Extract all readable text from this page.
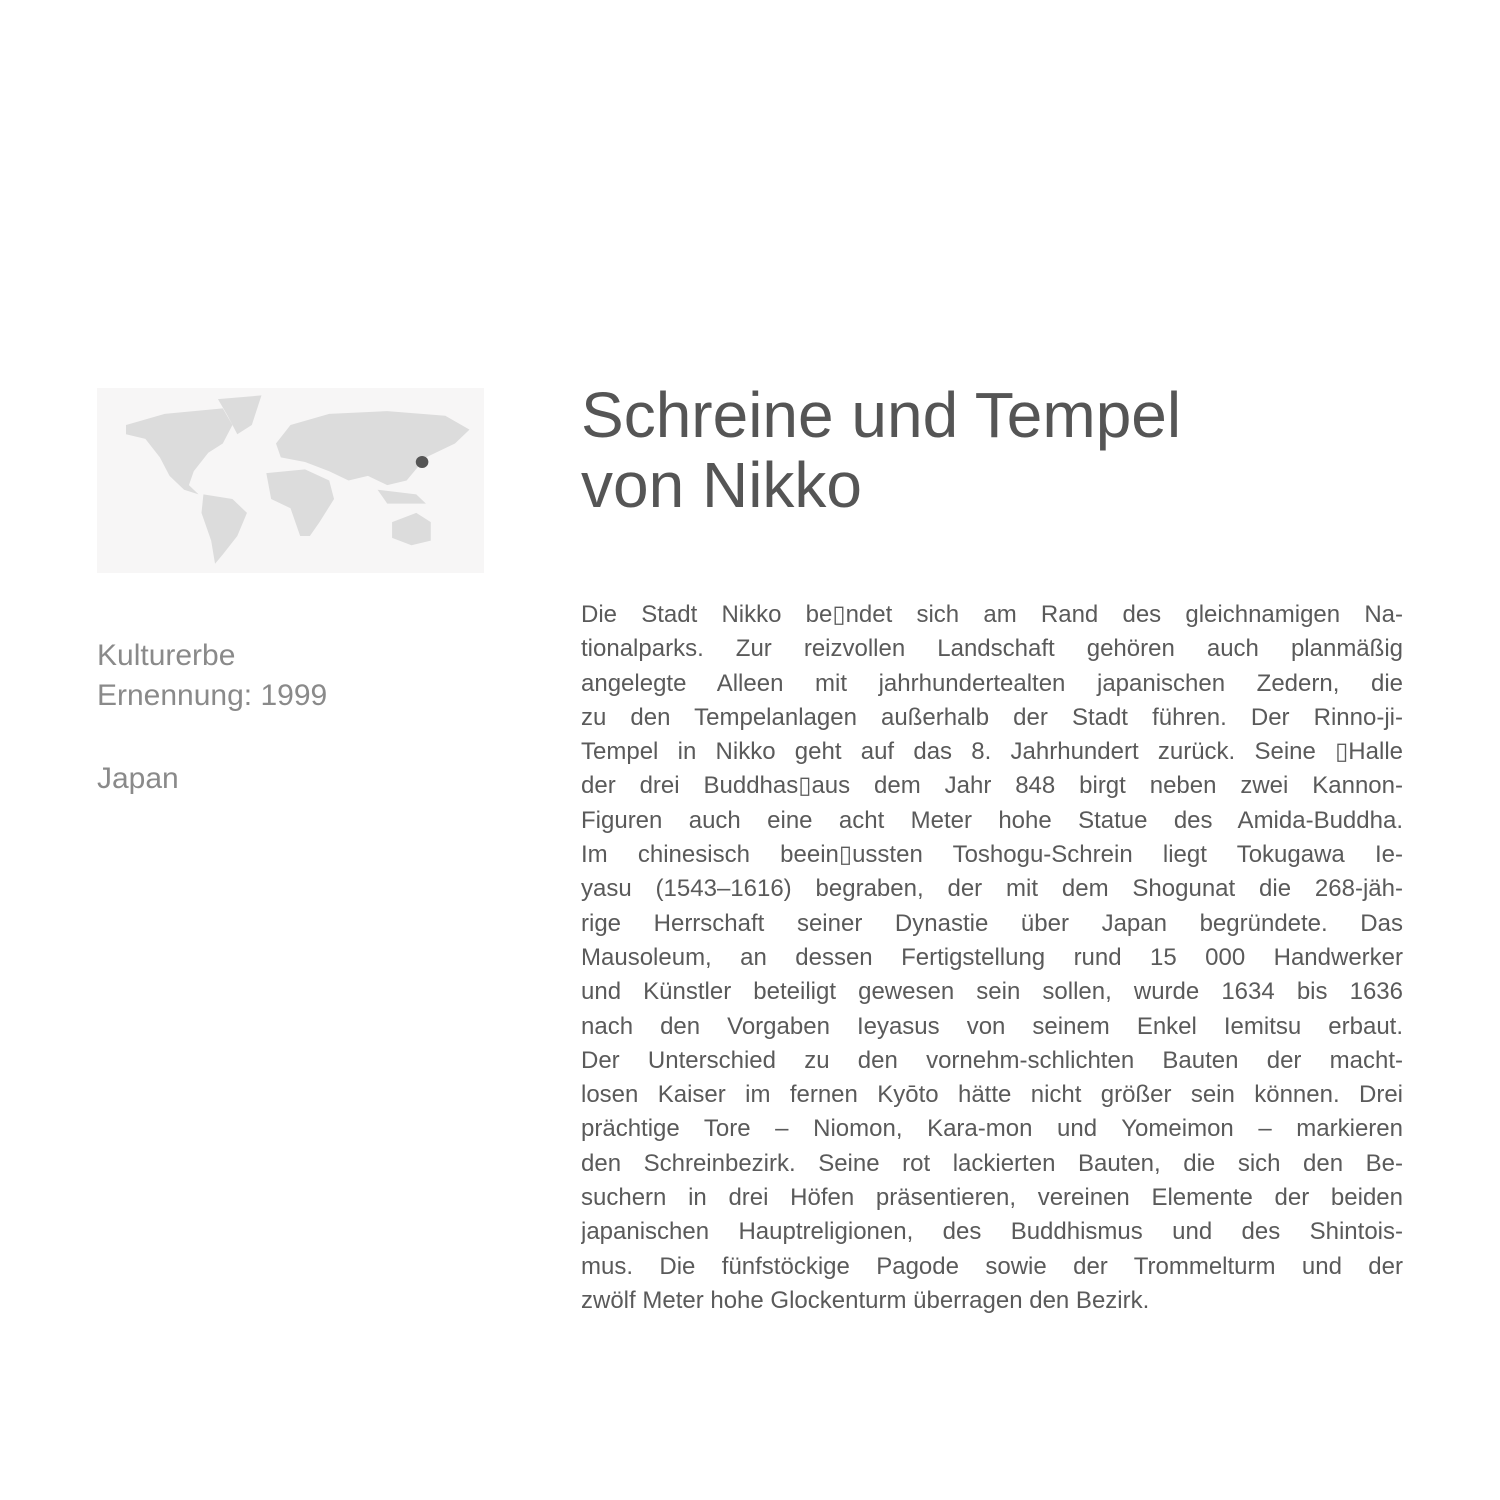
Kulturerbe
Ernennung: 1999
Japan
Schreine und Tempel
von Nikko
Die Stadt Nikko be▯ndet sich am Rand des gleichnamigen Na-
tionalparks. Zur reizvollen Landschaft gehören auch planmäßig
angelegte Alleen mit jahrhundertealten japanischen Zedern, die
zu den Tempelanlagen außerhalb der Stadt führen. Der Rinno-ji-
Tempel in Nikko geht auf das 8. Jahrhundert zurück. Seine ▯Halle
der drei Buddhas▯aus dem Jahr 848 birgt neben zwei Kannon-
Figuren auch eine acht Meter hohe Statue des Amida-Buddha.
Im chinesisch beein▯ussten Toshogu-Schrein liegt Tokugawa Ie-
yasu (1543–1616) begraben, der mit dem Shogunat die 268-jäh-
rige Herrschaft seiner Dynastie über Japan begründete. Das
Mausoleum, an dessen Fertigstellung rund 15 000 Handwerker
und Künstler beteiligt gewesen sein sollen, wurde 1634 bis 1636
nach den Vorgaben Ieyasus von seinem Enkel Iemitsu erbaut.
Der Unterschied zu den vornehm-schlichten Bauten der macht-
losen Kaiser im fernen Kyōto hätte nicht größer sein können. Drei
prächtige Tore – Niomon, Kara-mon und Yomeimon – markieren
den Schreinbezirk. Seine rot lackierten Bauten, die sich den Be-
suchern in drei Höfen präsentieren, vereinen Elemente der beiden
japanischen Hauptreligionen, des Buddhismus und des Shintois-
mus. Die fünfstöckige Pagode sowie der Trommelturm und der
zwölf Meter hohe Glockenturm überragen den Bezirk.
